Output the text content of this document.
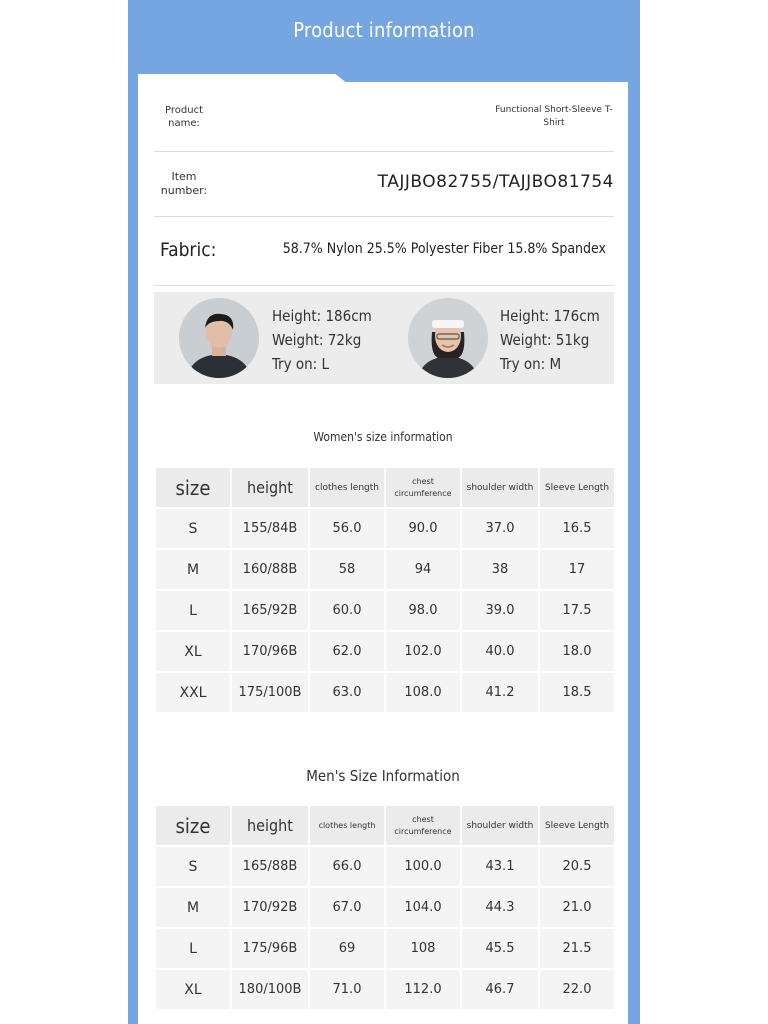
Product information
Product name:
Functional Short-Sleeve T-Shirt
Item number:	TAJJBO82755/TAJJBO81754
Fabric:	58.7% Nylon 25.5% Polyester Fiber 15.8% Spandex
Height: 186cm
Weight: 72kg
Try on: L
Height: 176cm
Weight: 51kg
Try on: M
Women's size information
size	height	clothes length	chest circumference	shoulder width	Sleeve Length
S	155/84B	56.0	90.0	37.0	16.5
M	160/88B	58	94	38	17
L	165/92B	60.0	98.0	39.0	17.5
XL	170/96B	62.0	102.0	40.0	18.0
XXL	175/100B	63.0	108.0	41.2	18.5
Men's Size Information
size	height	clothes length	chest circumference	shoulder width	Sleeve Length
S	165/88B	66.0	100.0	43.1	20.5
M	170/92B	67.0	104.0	44.3	21.0
L	175/96B	69	108	45.5	21.5
XL	180/100B	71.0	112.0	46.7	22.0
